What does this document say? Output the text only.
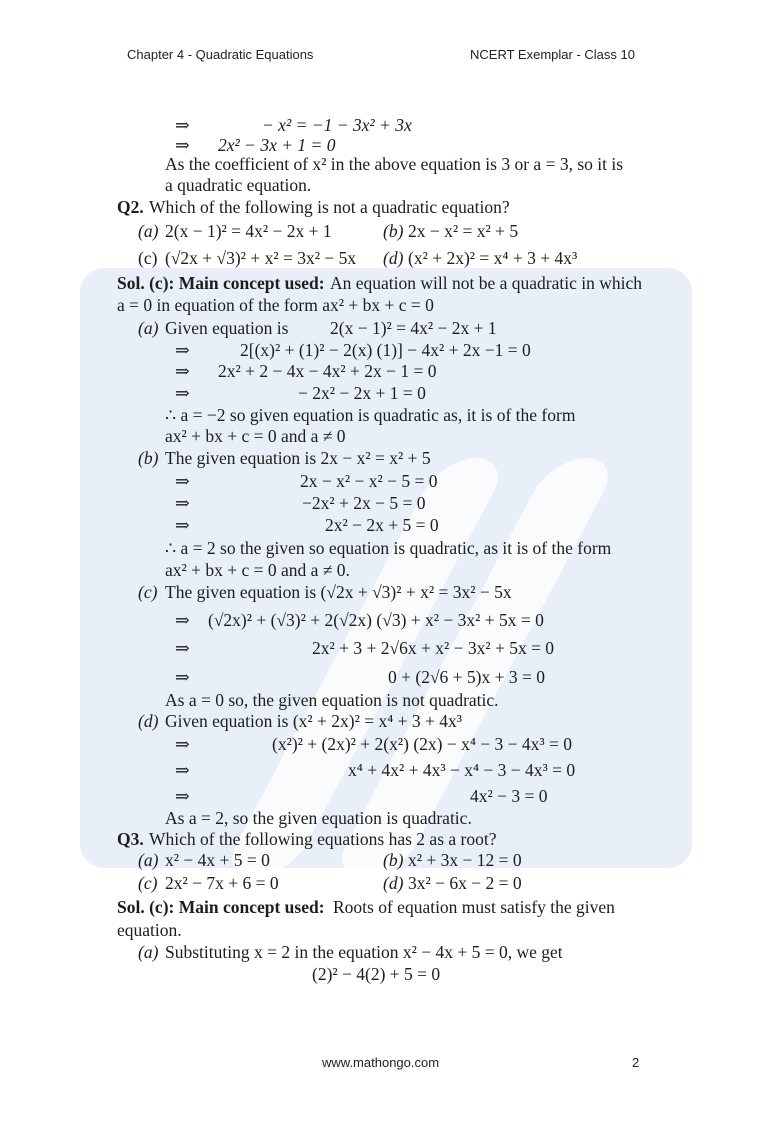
Chapter 4 - Quadratic Equations	NCERT Exemplar - Class 10
⇒	− x² = −1 − 3x² + 3x
⇒ 2x² − 3x + 1 = 0
As the coefficient of x² in the above equation is 3 or a = 3, so it is
a quadratic equation.
Q2. Which of the following is not a quadratic equation?
(a) 2(x − 1)² = 4x² − 2x + 1	(b) 2x − x² = x² + 5
(c) (√2x + √3)² + x² = 3x² − 5x (d) (x² + 2x)² = x⁴ + 3 + 4x³
Sol. (c): Main concept used: An equation will not be a quadratic in which
a = 0 in equation of the form ax² + bx + c = 0
(a) Given equation is 2(x − 1)² = 4x² − 2x + 1
⇒	2[(x)² + (1)² − 2(x) (1)] − 4x² + 2x −1 = 0
⇒ 2x² + 2 − 4x − 4x² + 2x − 1 = 0
⇒	− 2x² − 2x + 1 = 0
∴ a = −2 so given equation is quadratic as, it is of the form
ax² + bx + c = 0 and a ≠ 0
(b) The given equation is 2x − x² = x² + 5
⇒	2x − x² − x² − 5 = 0
⇒	−2x² + 2x − 5 = 0
⇒	2x² − 2x + 5 = 0
∴ a = 2 so the given so equation is quadratic, as it is of the form
ax² + bx + c = 0 and a ≠ 0.
(c) The given equation is (√2x + √3)² + x² = 3x² − 5x
⇒ (√2x)² + (√3)² + 2(√2x) (√3) + x² − 3x² + 5x = 0
⇒	2x² + 3 + 2√6x + x² − 3x² + 5x = 0
⇒	0 + (2√6 + 5)x + 3 = 0
As a = 0 so, the given equation is not quadratic.
(d) Given equation is (x² + 2x)² = x⁴ + 3 + 4x³
⇒	(x²)² + (2x)² + 2(x²) (2x) − x⁴ − 3 − 4x³ = 0
⇒	x⁴ + 4x² + 4x³ − x⁴ − 3 − 4x³ = 0
⇒	4x² − 3 = 0
As a = 2, so the given equation is quadratic.
Q3. Which of the following equations has 2 as a root?
(a) x² − 4x + 5 = 0	(b) x² + 3x − 12 = 0
(c) 2x² − 7x + 6 = 0	(d) 3x² − 6x − 2 = 0
Sol. (c): Main concept used: Roots of equation must satisfy the given
equation.
(a) Substituting x = 2 in the equation x² − 4x + 5 = 0, we get
(2)² − 4(2) + 5 = 0
www.mathongo.com	2
